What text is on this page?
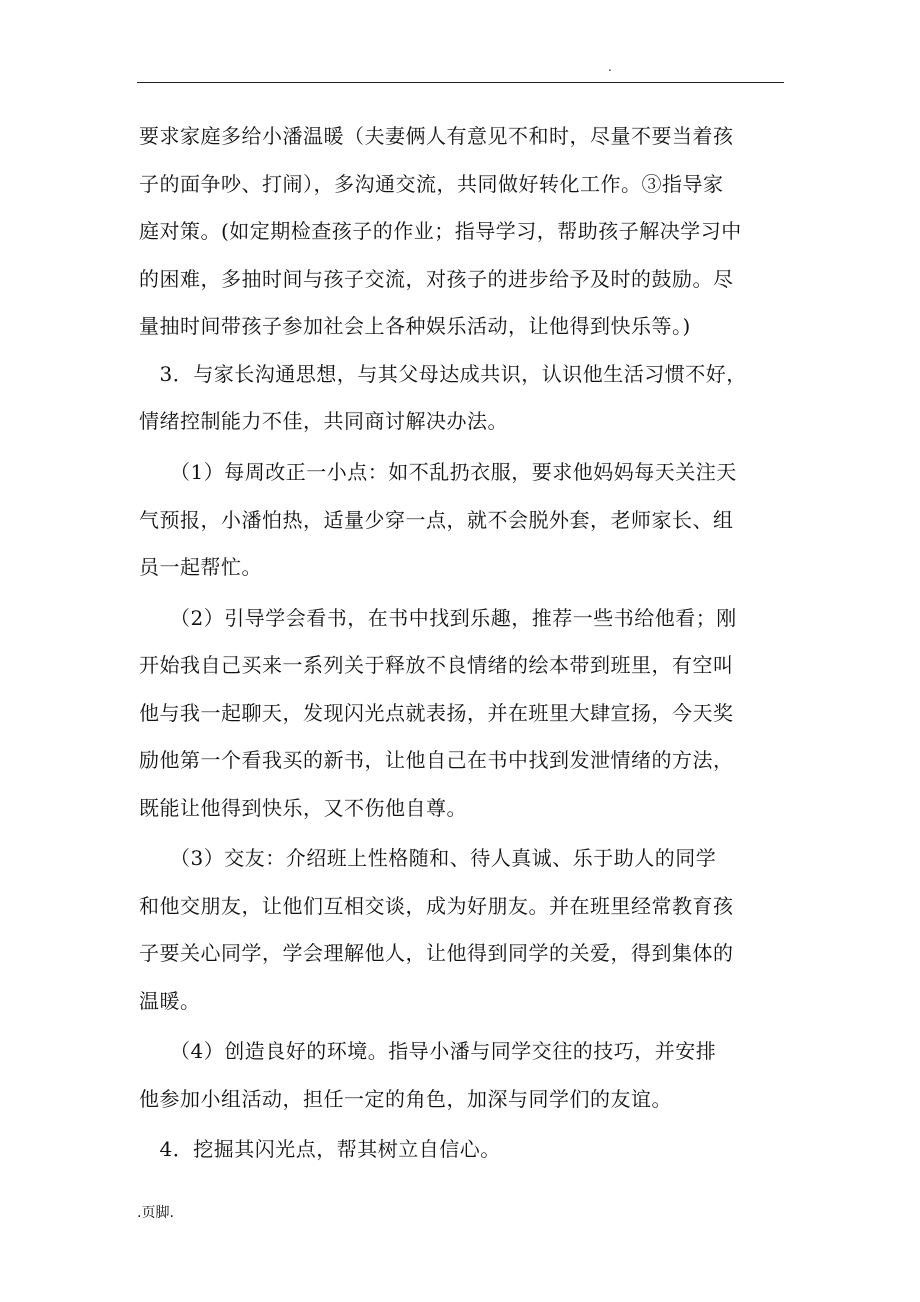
.
要求家庭多给小潘温暖（夫妻俩人有意见不和时，尽量不要当着孩
子的面争吵、打闹），多沟通交流，共同做好转化工作。③指导家
庭对策。(如定期检查孩子的作业；指导学习，帮助孩子解决学习中
的困难，多抽时间与孩子交流，对孩子的进步给予及时的鼓励。尽
量抽时间带孩子参加社会上各种娱乐活动，让他得到快乐等。)
　3．与家长沟通思想，与其父母达成共识，认识他生活习惯不好，
情绪控制能力不佳，共同商讨解决办法。
　　（1）每周改正一小点：如不乱扔衣服，要求他妈妈每天关注天
气预报，小潘怕热，适量少穿一点，就不会脱外套，老师家长、组
员一起帮忙。
　　（2）引导学会看书，在书中找到乐趣，推荐一些书给他看；刚
开始我自己买来一系列关于释放不良情绪的绘本带到班里，有空叫
他与我一起聊天，发现闪光点就表扬，并在班里大肆宣扬，今天奖
励他第一个看我买的新书，让他自己在书中找到发泄情绪的方法，
既能让他得到快乐，又不伤他自尊。
　　（3）交友：介绍班上性格随和、待人真诚、乐于助人的同学
和他交朋友，让他们互相交谈，成为好朋友。并在班里经常教育孩
子要关心同学，学会理解他人，让他得到同学的关爱，得到集体的
温暖。
　　（4）创造良好的环境。指导小潘与同学交往的技巧，并安排
他参加小组活动，担任一定的角色，加深与同学们的友谊。
　4．挖掘其闪光点，帮其树立自信心。
.页脚.
